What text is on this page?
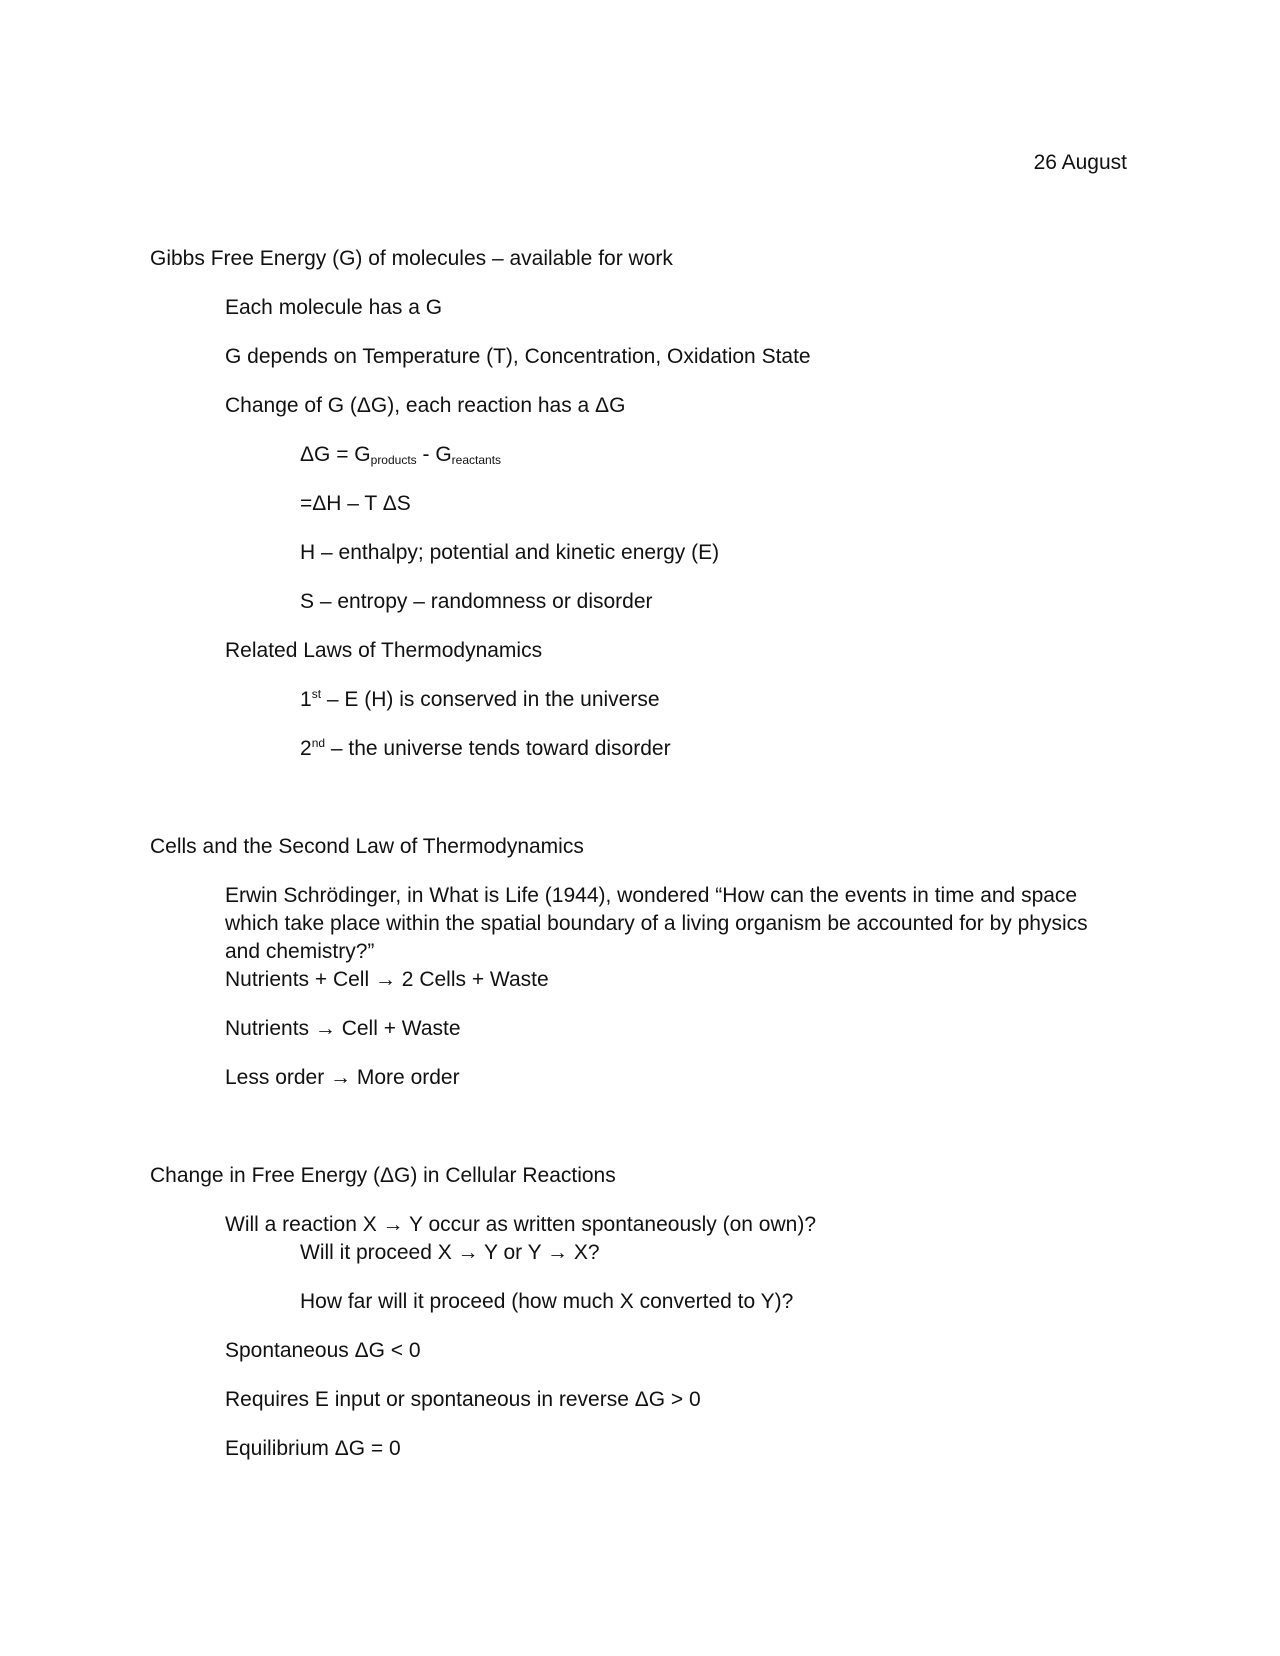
26 August
Gibbs Free Energy (G) of molecules – available for work
Each molecule has a G
G depends on Temperature (T), Concentration, Oxidation State
Change of G (ΔG), each reaction has a ΔG
$\Delta G = G_{products} - G_{reactants}$
=ΔH – T ΔS
H – enthalpy; potential and kinetic energy (E)
S – entropy – randomness or disorder
Related Laws of Thermodynamics
1st – E (H) is conserved in the universe
2nd – the universe tends toward disorder
Cells and the Second Law of Thermodynamics
Erwin Schrödinger, in What is Life (1944), wondered “How can the events in time and space which take place within the spatial boundary of a living organism be accounted for by physics and chemistry?”
Nutrients + Cell → 2 Cells + Waste
Nutrients → Cell + Waste
Less order → More order
Change in Free Energy (ΔG) in Cellular Reactions
Will a reaction X → Y occur as written spontaneously (on own)?
Will it proceed X → Y or Y → X?
How far will it proceed (how much X converted to Y)?
Spontaneous ΔG < 0
Requires E input or spontaneous in reverse ΔG > 0
Equilibrium ΔG = 0
